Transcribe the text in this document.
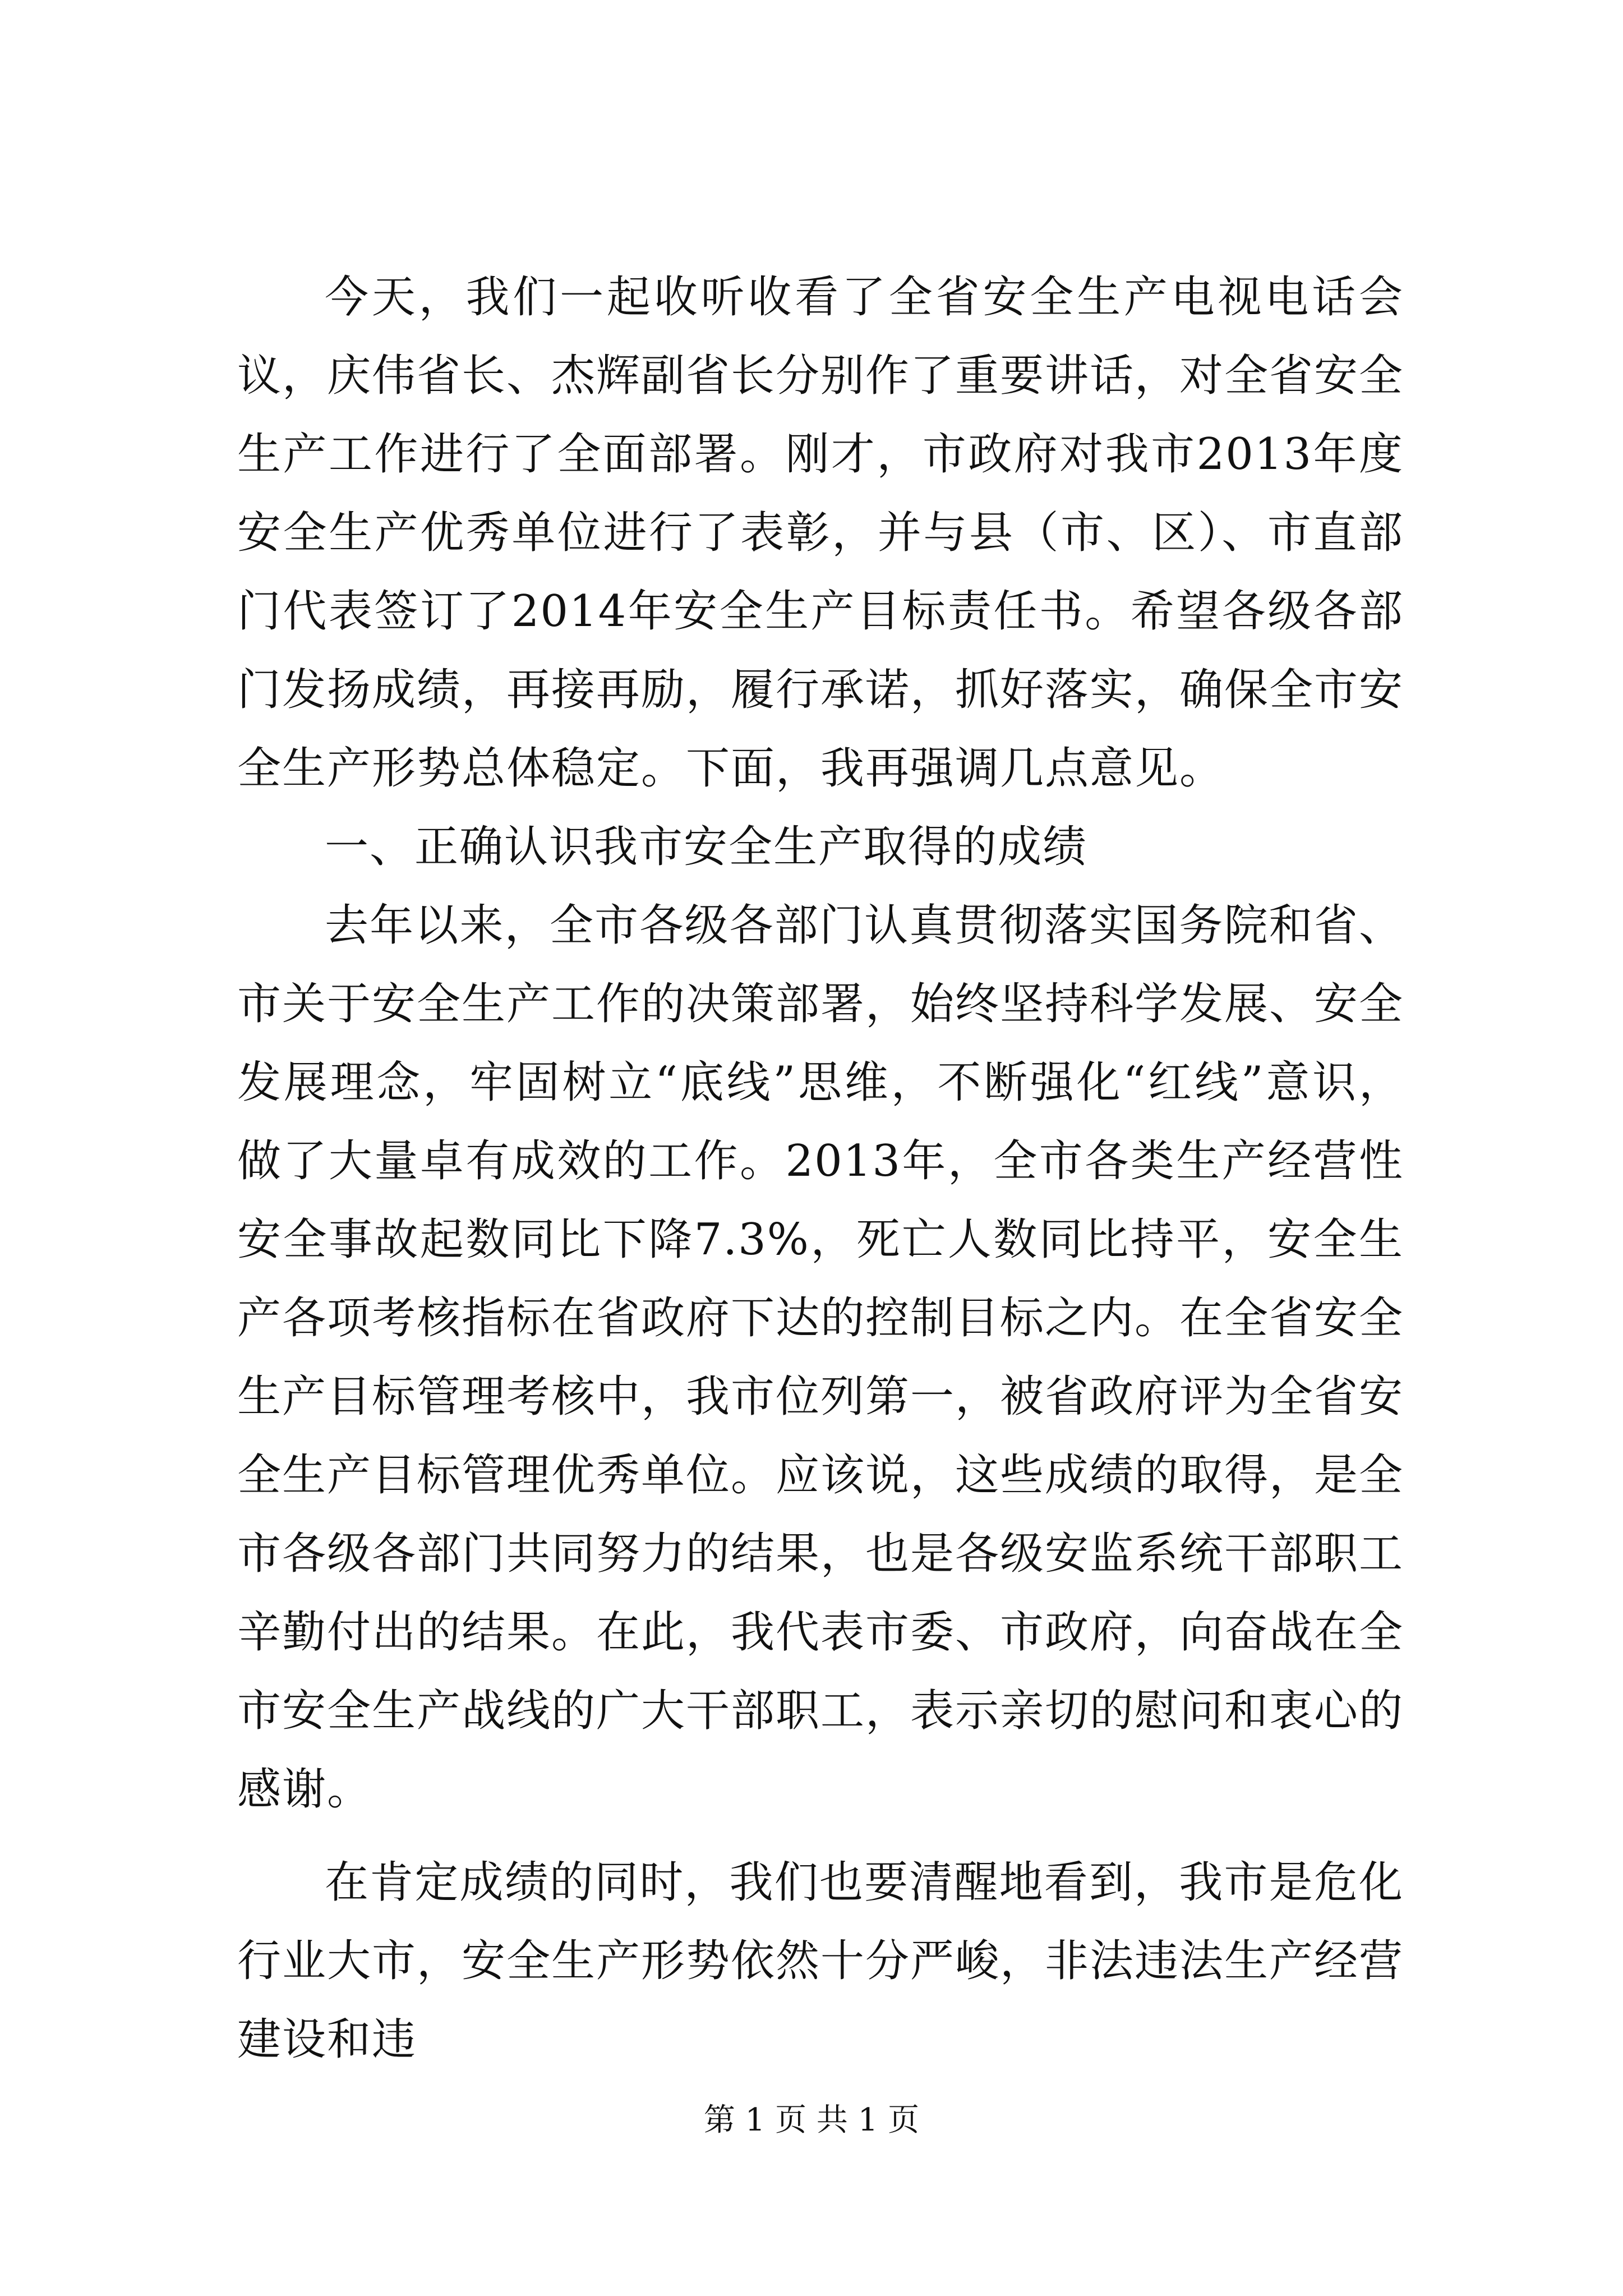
今天，我们一起收听收看了全省安全生产电视电话会议，庆伟省长、杰辉副省长分别作了重要讲话，对全省安全生产工作进行了全面部署。刚才，市政府对我市2013年度安全生产优秀单位进行了表彰，并与县（市、区）、市直部门代表签订了2014年安全生产目标责任书。希望各级各部门发扬成绩，再接再励，履行承诺，抓好落实，确保全市安全生产形势总体稳定。下面，我再强调几点意见。

一、正确认识我市安全生产取得的成绩

去年以来，全市各级各部门认真贯彻落实国务院和省、市关于安全生产工作的决策部署，始终坚持科学发展、安全发展理念，牢固树立“底线”思维，不断强化“红线”意识，做了大量卓有成效的工作。2013年，全市各类生产经营性安全事故起数同比下降7.3%，死亡人数同比持平，安全生产各项考核指标在省政府下达的控制目标之内。在全省安全生产目标管理考核中，我市位列第一，被省政府评为全省安全生产目标管理优秀单位。应该说，这些成绩的取得，是全市各级各部门共同努力的结果，也是各级安监系统干部职工辛勤付出的结果。在此，我代表市委、市政府，向奋战在全市安全生产战线的广大干部职工，表示亲切的慰问和衷心的感谢。

在肯定成绩的同时，我们也要清醒地看到，我市是危化行业大市，安全生产形势依然十分严峻，非法违法生产经营建设和违

第 1 页 共 1 页
